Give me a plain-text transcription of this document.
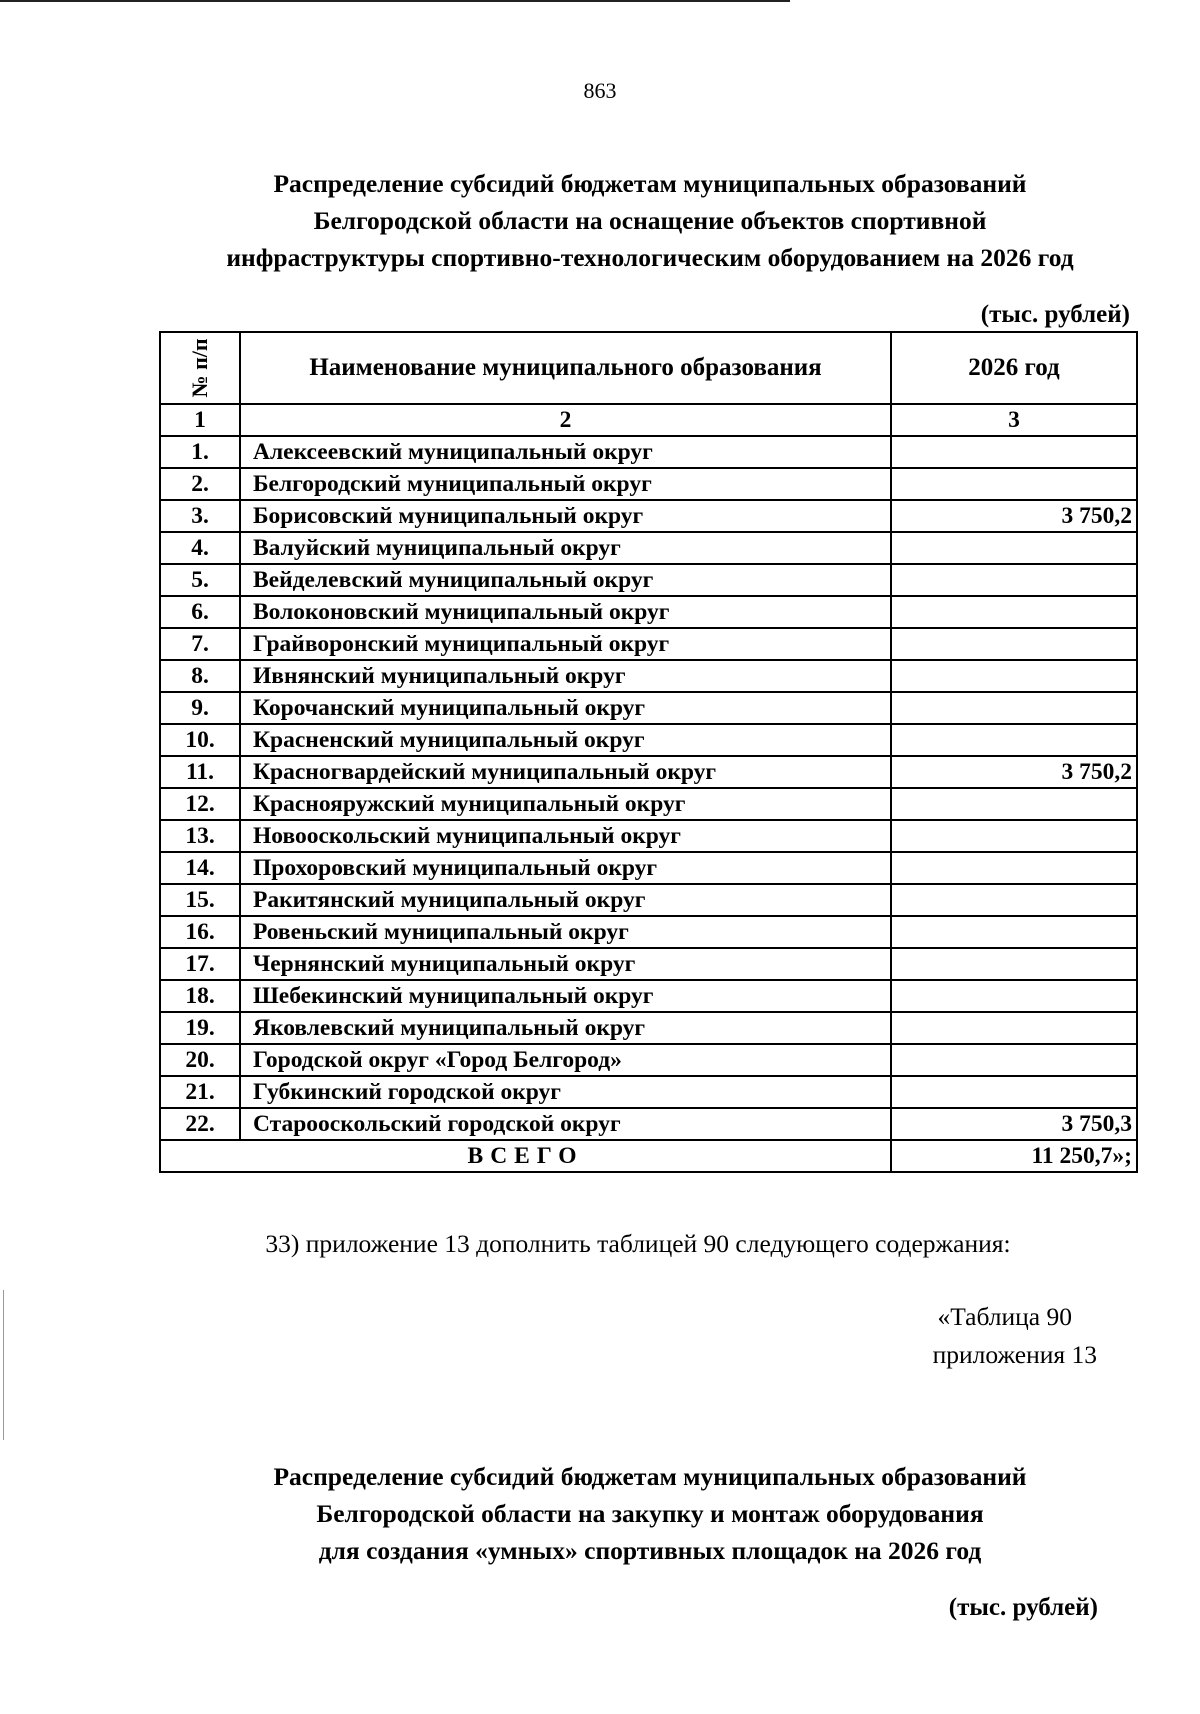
863
Распределение субсидий бюджетам муниципальных образований
Белгородской области на оснащение объектов спортивной
инфраструктуры спортивно-технологическим оборудованием на 2026 год
(тыс. рублей)
№ п/п	Наименование муниципального образования	2026 год
1	2	3
1.	Алексеевский муниципальный округ	
2.	Белгородский муниципальный округ	
3.	Борисовский муниципальный округ	3 750,2
4.	Валуйский муниципальный округ	
5.	Вейделевский муниципальный округ	
6.	Волоконовский муниципальный округ	
7.	Грайворонский муниципальный округ	
8.	Ивнянский муниципальный округ	
9.	Корочанский муниципальный округ	
10.	Красненский муниципальный округ	
11.	Красногвардейский муниципальный округ	3 750,2
12.	Краснояружский муниципальный округ	
13.	Новооскольский муниципальный округ	
14.	Прохоровский муниципальный округ	
15.	Ракитянский муниципальный округ	
16.	Ровеньский муниципальный округ	
17.	Чернянский муниципальный округ	
18.	Шебекинский муниципальный округ	
19.	Яковлевский муниципальный округ	
20.	Городской округ «Город Белгород»	
21.	Губкинский городской округ	
22.	Старооскольский городской округ	3 750,3
ВСЕГО		11 250,7»;
33) приложение 13 дополнить таблицей 90 следующего содержания:
«Таблица 90
приложения 13
Распределение субсидий бюджетам муниципальных образований
Белгородской области на закупку и монтаж оборудования
для создания «умных» спортивных площадок на 2026 год
(тыс. рублей)
